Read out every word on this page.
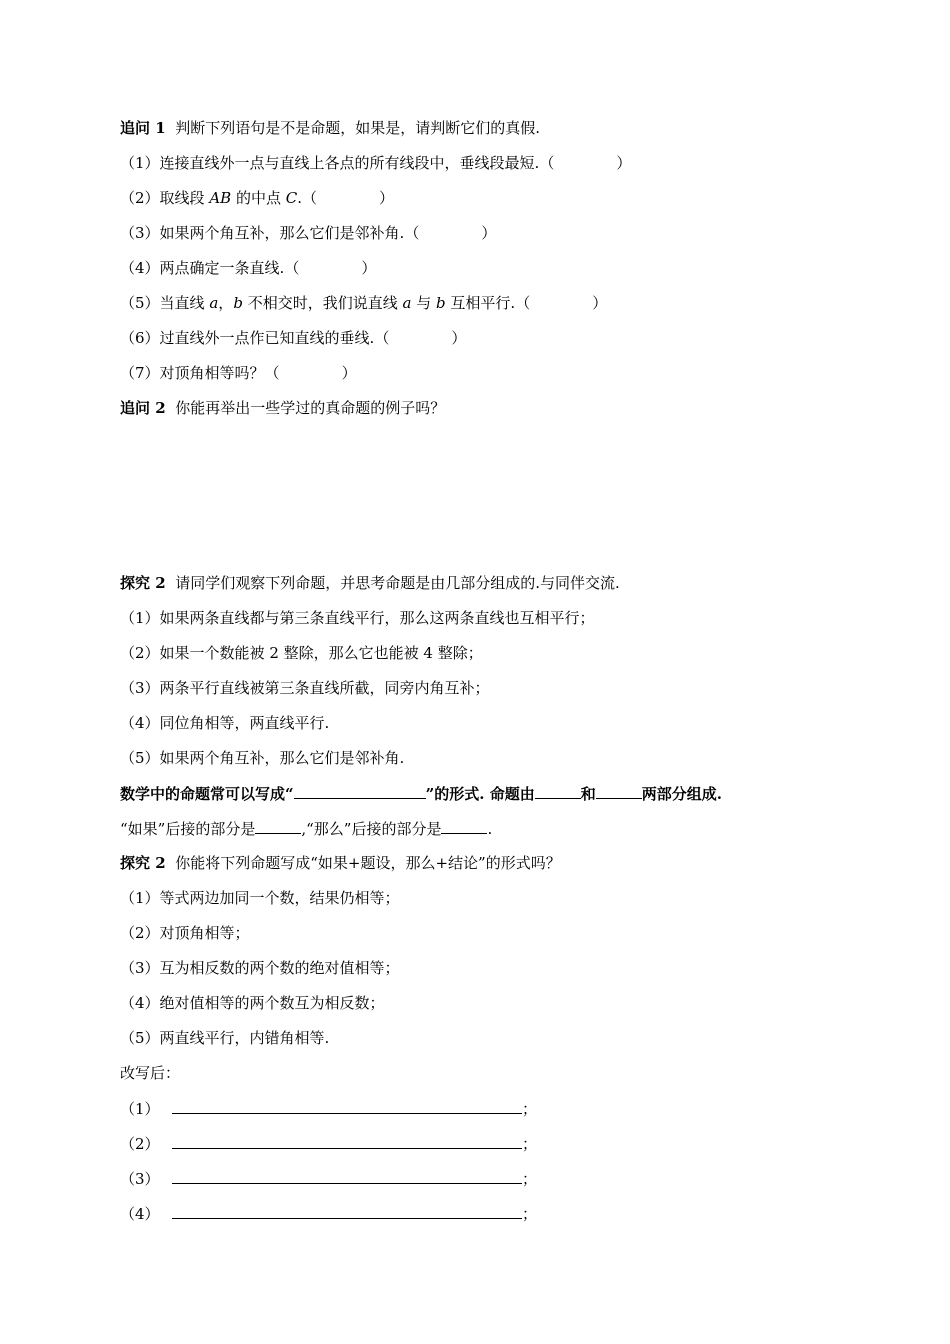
追问 1 判断下列语句是不是命题，如果是，请判断它们的真假.
（1）连接直线外一点与直线上各点的所有线段中，垂线段最短.（	）
（2）取线段 AB 的中点 C.（	）
（3）如果两个角互补，那么它们是邻补角.（	）
（4）两点确定一条直线.（	）
（5）当直线 a，b 不相交时，我们说直线 a 与 b 互相平行.（	）
（6）过直线外一点作已知直线的垂线.（	）
（7）对顶角相等吗？（	）
追问 2 你能再举出一些学过的真命题的例子吗？
探究 2 请同学们观察下列命题，并思考命题是由几部分组成的.与同伴交流.
（1）如果两条直线都与第三条直线平行，那么这两条直线也互相平行；
（2）如果一个数能被 2 整除，那么它也能被 4 整除；
（3）两条平行直线被第三条直线所截，同旁内角互补；
（4）同位角相等，两直线平行.
（5）如果两个角互补，那么它们是邻补角.
数学中的命题常可以写成“	”的形式. 命题由	和	两部分组成.
“如果”后接的部分是	,“那么”后接的部分是	.
探究 2 你能将下列命题写成“如果+题设，那么+结论”的形式吗？
（1）等式两边加同一个数，结果仍相等；
（2）对顶角相等；
（3）互为相反数的两个数的绝对值相等；
（4）绝对值相等的两个数互为相反数；
（5）两直线平行，内错角相等.
改写后：
（1）	；
（2）	；
（3）	；
（4）	；
